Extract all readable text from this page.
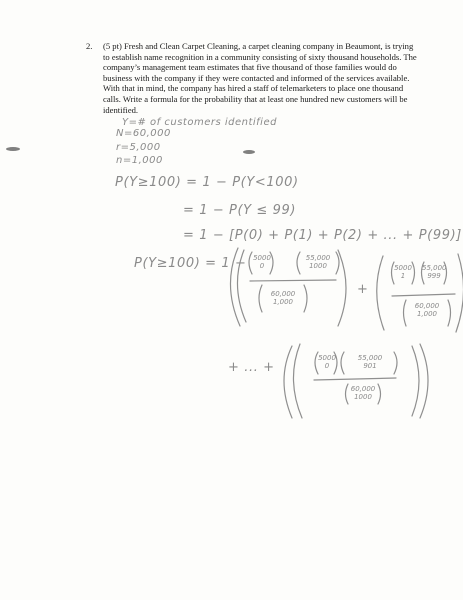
2. (5 pt) Fresh and Clean Carpet Cleaning, a carpet cleaning company in Beaumont, is trying to establish name recognition in a community consisting of sixty thousand households. The company’s management team estimates that five thousand of those families would do business with the company if they were contacted and informed of the services available. With that in mind, the company has hired a staff of telemarketers to place one thousand calls. Write a formula for the probability that at least one hundred new customers will be identified.
Y=# of customers identified
N=60,000
r=5,000
n=1,000
P(Y≥100) = 1 − P(Y<100)
= 1 − P(Y ≤ 99)
= 1 − [P(0) + P(1) + P(2) + ... + P(99)]
P(Y≥100) = 1 − 5000
0
55,000
1000
60,000
1,000
+
5000
1
55,000
999
60,000
1,000
+ ... +
5000
0
55,000
901
60,000
1000
